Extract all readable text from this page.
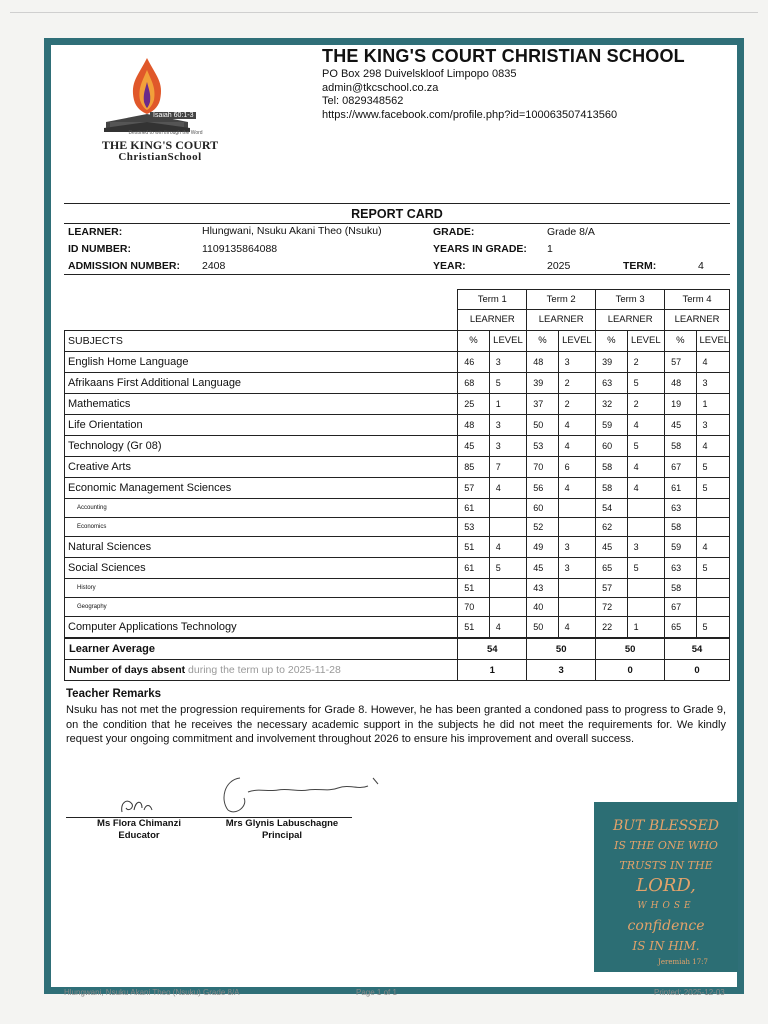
Isaiah 60:1-3
Destined to win through the Word
THE KING'S COURT
ChristianSchool
THE KING'S COURT CHRISTIAN SCHOOL
PO Box 298 Duivelskloof Limpopo 0835
admin@tkcschool.co.za
Tel: 0829348562
https://www.facebook.com/profile.php?id=100063507413560
REPORT CARD
LEARNER:	Hlungwani, Nsuku Akani Theo (Nsuku)
ID NUMBER:	1109135864088
ADMISSION NUMBER: 2408
GRADE:	Grade 8/A
YEARS IN GRADE: 1
YEAR:	2025	TERM:	4
	Term 1		Term 2		Term 3		Term 4	
	LEARNER		LEARNER		LEARNER		LEARNER	
SUBJECTS	%	LEVEL	%	LEVEL	%	LEVEL	%	LEVEL
English Home Language	46	3	48	3	39	2	57	4
Afrikaans First Additional Language	68	5	39	2	63	5	48	3
Mathematics	25	1	37	2	32	2	19	1
Life Orientation	48	3	50	4	59	4	45	3
Technology (Gr 08)	45	3	53	4	60	5	58	4
Creative Arts	85	7	70	6	58	4	67	5
Economic Management Sciences	57	4	56	4	58	4	61	5
Accounting	61		60		54		63	
Economics	53		52		62		58	
Natural Sciences	51	4	49	3	45	3	59	4
Social Sciences	61	5	45	3	65	5	63	5
History	51		43		57		58	
Geography	70		40		72		67	
Computer Applications Technology	51	4	50	4	22	1	65	5
Learner Average	54	50	50	54
Number of days absent during the term up to 2025-11-28	1	3	0	0
Teacher Remarks
Nsuku has not met the progression requirements for Grade 8. However, he has been granted a condoned pass to progress to Grade 9, on the condition that he receives the necessary academic support in the subjects he did not meet the requirements for. We kindly request your ongoing commitment and involvement throughout 2026 to ensure his improvement and overall success.
Ms Flora Chimanzi
Educator
Mrs Glynis Labuschagne
Principal
BUT BLESSED
IS THE ONE WHO
TRUSTS IN THE
LORD,
WHOSE
confidence
IS IN HIM.
Jeremiah 17:7
Hlungwani, Nsuku Akani Theo (Nsuku) Grade 8/A	Page 1 of 1	Printed: 2025-12-03
